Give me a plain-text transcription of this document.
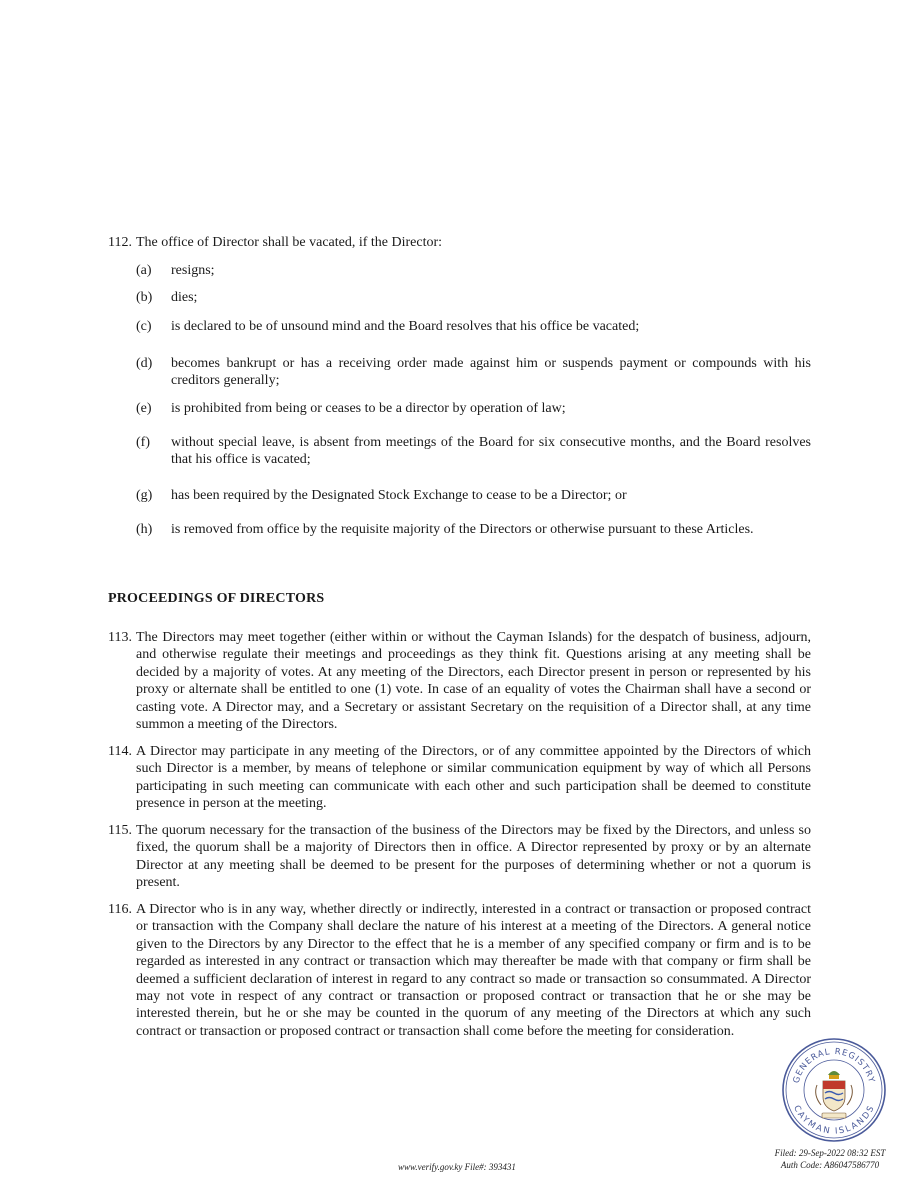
112. The office of Director shall be vacated, if the Director:
(a) resigns;
(b) dies;
(c) is declared to be of unsound mind and the Board resolves that his office be vacated;
(d) becomes bankrupt or has a receiving order made against him or suspends payment or compounds with his creditors generally;
(e) is prohibited from being or ceases to be a director by operation of law;
(f) without special leave, is absent from meetings of the Board for six consecutive months, and the Board resolves that his office is vacated;
(g) has been required by the Designated Stock Exchange to cease to be a Director; or
(h) is removed from office by the requisite majority of the Directors or otherwise pursuant to these Articles.
PROCEEDINGS OF DIRECTORS
113. The Directors may meet together (either within or without the Cayman Islands) for the despatch of business, adjourn, and otherwise regulate their meetings and proceedings as they think fit. Questions arising at any meeting shall be decided by a majority of votes. At any meeting of the Directors, each Director present in person or represented by his proxy or alternate shall be entitled to one (1) vote. In case of an equality of votes the Chairman shall have a second or casting vote. A Director may, and a Secretary or assistant Secretary on the requisition of a Director shall, at any time summon a meeting of the Directors.
114. A Director may participate in any meeting of the Directors, or of any committee appointed by the Directors of which such Director is a member, by means of telephone or similar communication equipment by way of which all Persons participating in such meeting can communicate with each other and such participation shall be deemed to constitute presence in person at the meeting.
115. The quorum necessary for the transaction of the business of the Directors may be fixed by the Directors, and unless so fixed, the quorum shall be a majority of Directors then in office. A Director represented by proxy or by an alternate Director at any meeting shall be deemed to be present for the purposes of determining whether or not a quorum is present.
116. A Director who is in any way, whether directly or indirectly, interested in a contract or transaction or proposed contract or transaction with the Company shall declare the nature of his interest at a meeting of the Directors. A general notice given to the Directors by any Director to the effect that he is a member of any specified company or firm and is to be regarded as interested in any contract or transaction which may thereafter be made with that company or firm shall be deemed a sufficient declaration of interest in regard to any contract so made or transaction so consummated. A Director may not vote in respect of any contract or transaction or proposed contract or transaction that he or she may be interested therein, but he or she may be counted in the quorum of any meeting of the Directors at which any such contract or transaction or proposed contract or transaction shall come before the meeting for consideration.
GENERAL REGISTRY
CAYMAN ISLANDS
www.verify.gov.ky File#: 393431
Filed: 29-Sep-2022 08:32 EST
Auth Code: A86047586770
